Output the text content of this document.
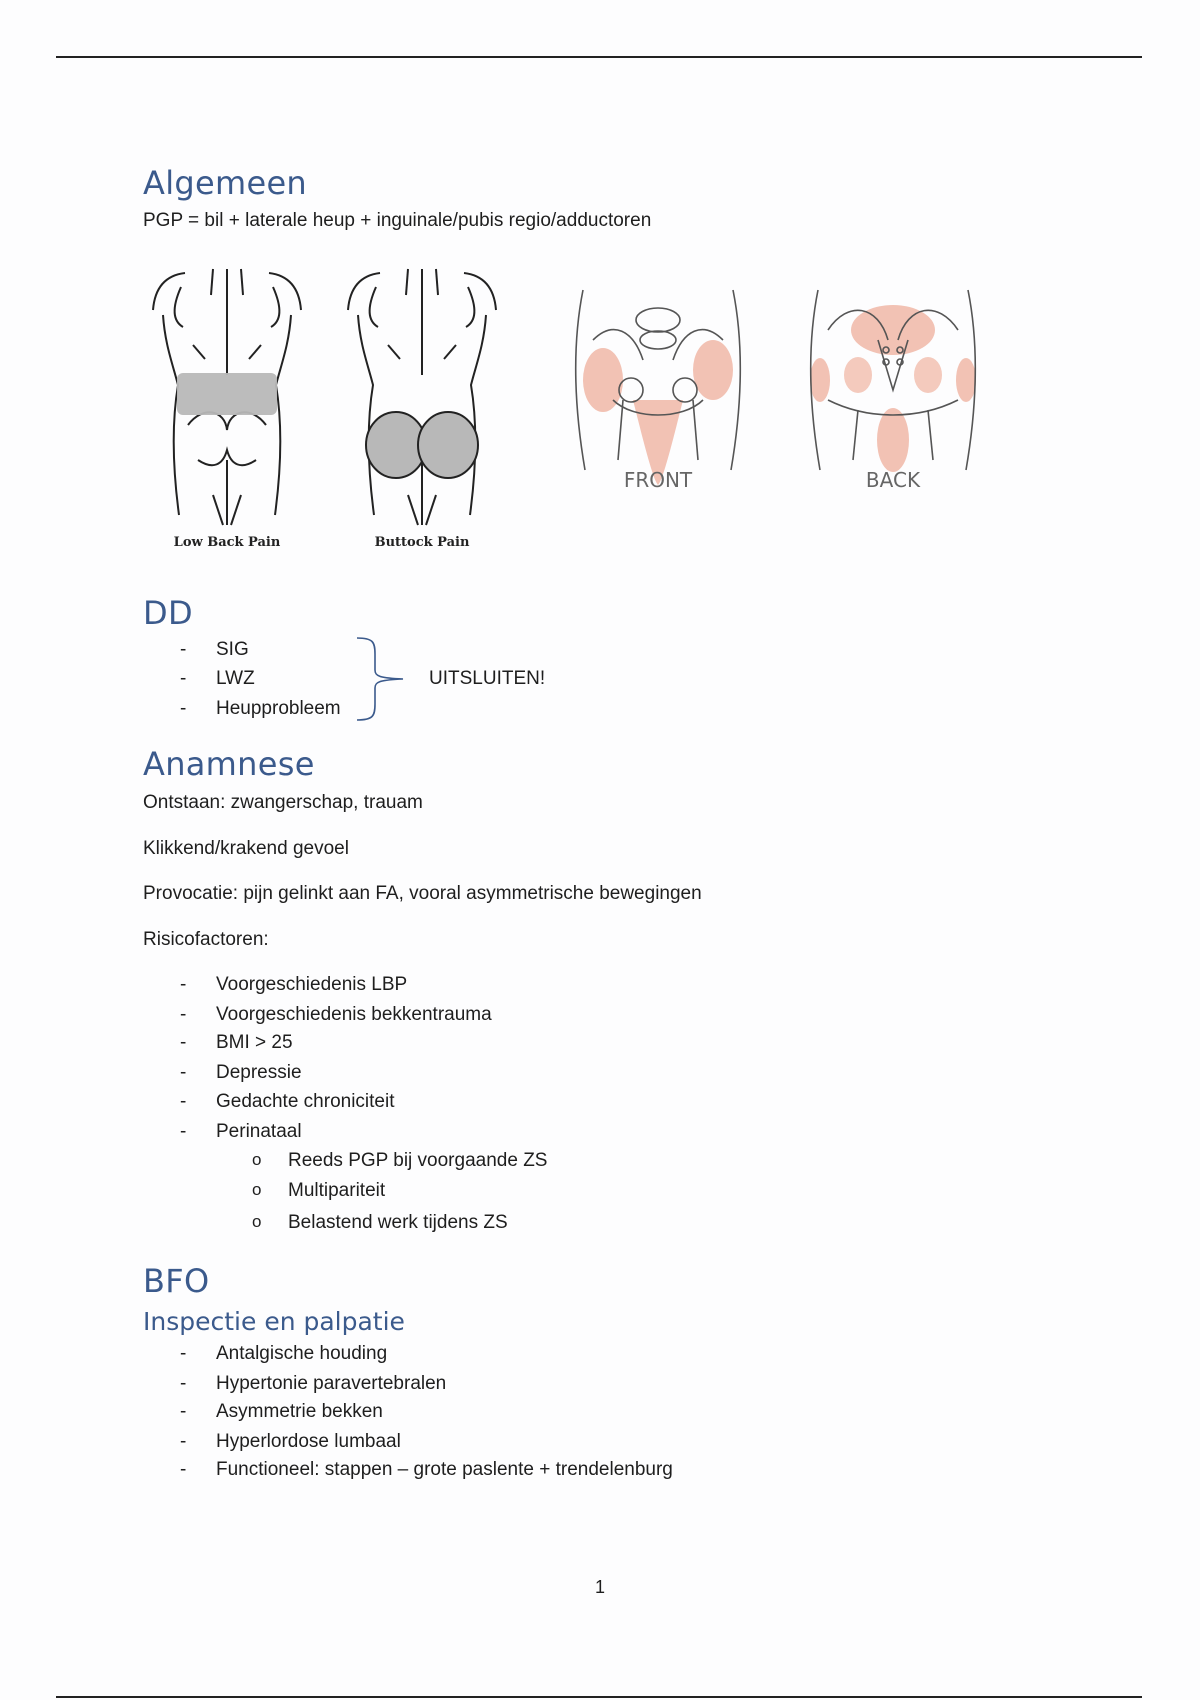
Algemeen

PGP = bil + laterale heup + inguinale/pubis regio/adductoren

Low Back Pain	Buttock Pain
FRONT	BACK
DD
-	SIG
-	LWZ
-	Heupprobleem
UITSLUITEN!
Anamnese

Ontstaan: zwangerschap, trauam

Klikkend/krakend gevoel

Provocatie: pijn gelinkt aan FA, vooral asymmetrische bewegingen

Risicofactoren:

-	Voorgeschiedenis LBP
-	Voorgeschiedenis bekkentrauma
-	BMI > 25
-	Depressie
-	Gedachte chroniciteit
-	Perinataal
o	Reeds PGP bij voorgaande ZS
o	Multipariteit
o	Belastend werk tijdens ZS
BFO
Inspectie en palpatie
-	Antalgische houding
-	Hypertonie paravertebralen
-	Asymmetrie bekken
-	Hyperlordose lumbaal
-	Functioneel: stappen – grote paslente + trendelenburg
1
